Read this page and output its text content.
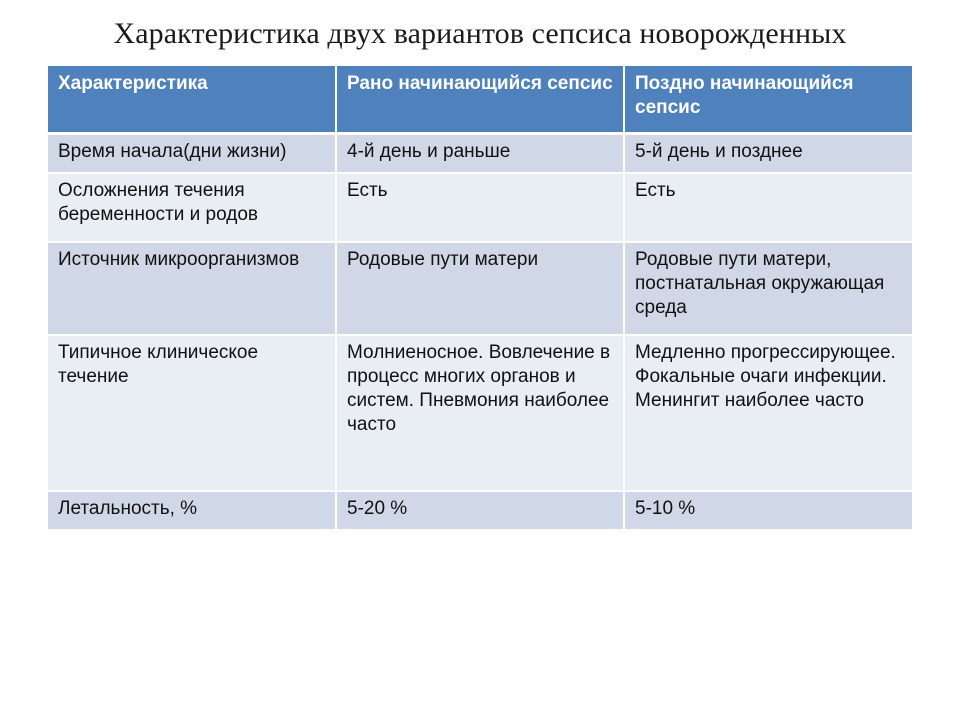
Характеристика двух вариантов сепсиса новорожденных
Характеристика	Рано начинающийся сепсис	Поздно начинающийся сепсис
Время начала(дни жизни)	4-й день и раньше	5-й день и позднее
Осложнения течения беременности и родов	Есть	Есть
Источник микроорганизмов	Родовые пути матери	Родовые пути матери, постнатальная окружающая среда
Типичное клиническое течение	Молниеносное. Вовлечение в процесс многих органов и систем. Пневмония наиболее часто	Медленно прогрессирующее. Фокальные очаги инфекции. Менингит наиболее часто
Летальность, %	5-20 %	5-10 %
